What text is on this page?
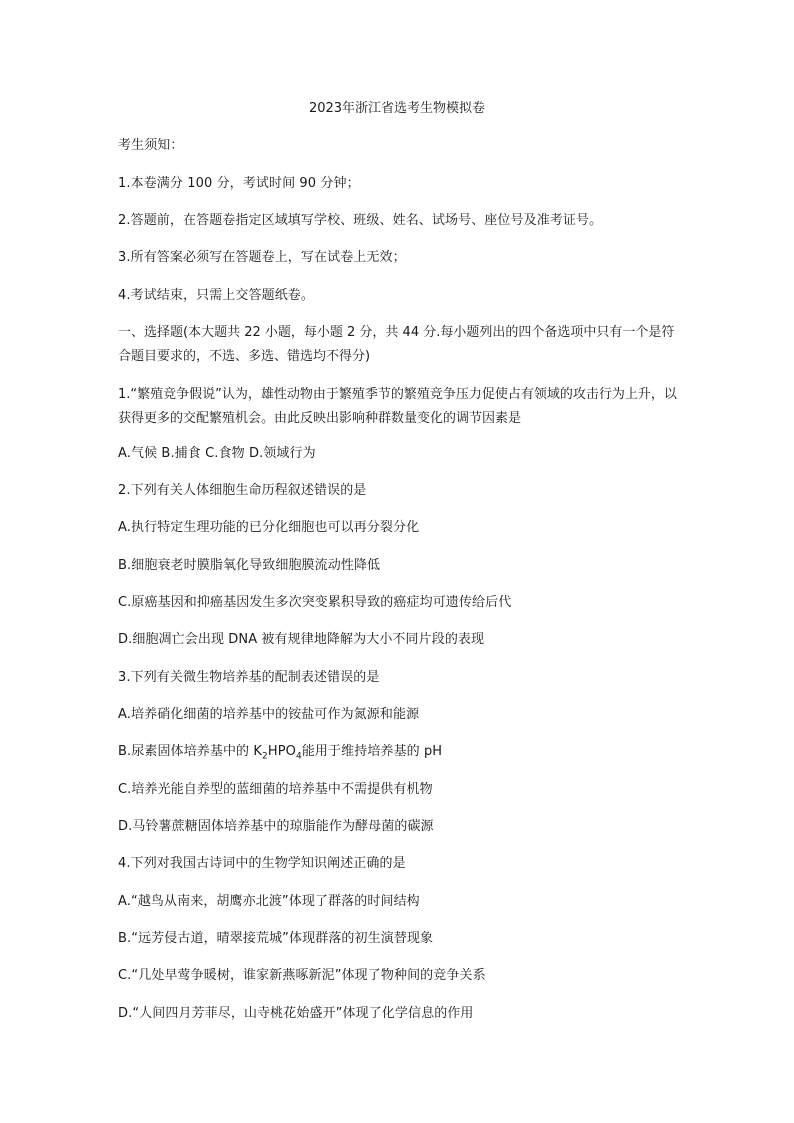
2023年浙江省选考生物模拟卷
考生须知：
1.本卷满分 100 分，考试时间 90 分钟；
2.答题前，在答题卷指定区域填写学校、班级、姓名、试场号、座位号及准考证号。
3.所有答案必须写在答题卷上，写在试卷上无效；
4.考试结束，只需上交答题纸卷。
一、选择题(本大题共 22 小题，每小题 2 分，共 44 分.每小题列出的四个备选项中只有一个是符合题目要求的，不选、多选、错选均不得分)
1.“繁殖竞争假说”认为，雄性动物由于繁殖季节的繁殖竞争压力促使占有领域的攻击行为上升，以获得更多的交配繁殖机会。由此反映出影响种群数量变化的调节因素是
A.气候 B.捕食 C.食物 D.领域行为
2.下列有关人体细胞生命历程叙述错误的是
A.执行特定生理功能的已分化细胞也可以再分裂分化
B.细胞衰老时膜脂氧化导致细胞膜流动性降低
C.原癌基因和抑癌基因发生多次突变累积导致的癌症均可遗传给后代
D.细胞凋亡会出现 DNA 被有规律地降解为大小不同片段的表现
3.下列有关微生物培养基的配制表述错误的是
A.培养硝化细菌的培养基中的铵盐可作为氮源和能源
B.尿素固体培养基中的 $K_2HPO_4$能用于维持培养基的 pH
C.培养光能自养型的蓝细菌的培养基中不需提供有机物
D.马铃薯蔗糖固体培养基中的琼脂能作为酵母菌的碳源
4.下列对我国古诗词中的生物学知识阐述正确的是
A.“越鸟从南来，胡鹰亦北渡”体现了群落的时间结构
B.“远芳侵古道，晴翠接荒城”体现群落的初生演替现象
C.“几处早莺争暖树，谁家新燕啄新泥”体现了物种间的竞争关系
D.“人间四月芳菲尽，山寺桃花始盛开”体现了化学信息的作用
